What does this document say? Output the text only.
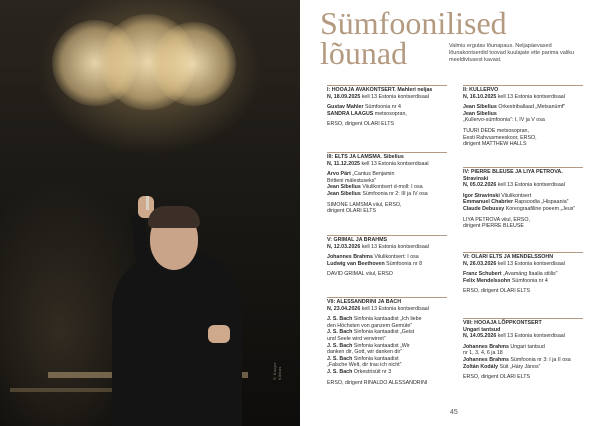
© Kaupo Kikkas
Sümfoonilised
lõunad	Valmiu ergutav lõunapaus. Neljapäevased lõunakontserdid toovad kuulajate ette parima valiku meeldivtusest kavast.

I: HOOAJA AVAKONTSERT. Mahleri neljas
N, 18.09.2025 kell 13 Estonia kontserdisaal
Gustav Mahler Sümfoonia nr 4
SANDRA LAAGUS metsosopran,
ERSO, dirigent OLARI ELTS
II: KULLERVO
N, 16.10.2025 kell 13 Estonia kontserdisaal
Jean Sibelius Orkestriballaad „Metsanümf”
Jean Sibelius
„Kullervo-sümfoonia”: I, IV ja V osa
TUURI DEDE metsosopran,
Eesti Rahvusmeeskoor, ERSO,
dirigent MATTHEW HALLS
III: ELTS JA LAMSMA. Sibelius
N, 11.12.2025 kell 13 Estonia kontserdisaal
Arvo Pärt „Cantus Benjamin
Britteni mälestuseks”
Jean Sibelius Viiulikontsert d-moll: I osa
Jean Sibelius Sümfoonia nr 2: III ja IV osa
SIMONE LAMSMA viiul, ERSO,
dirigent OLARI ELTS
IV: PIERRE BLEUSE JA LIYA PETROVA. Stravinski
N, 05.02.2026 kell 13 Estonia kontserdisaal
Igor Stravinski Viiulikontsert
Emmanuel Chabrier Rapsoodia „Hispaania”
Claude Debussy Koreograafiline poeem „Jeux”
LIYA PETROVA viiul, ERSO,
dirigent PIERRE BLEUSE
V: GRIMAL JA BRAHMS
N, 12.03.2026 kell 13 Estonia kontserdisaal
Johannes Brahms Viiulikontsert: I osa
Ludwig van Beethoven Sümfoonia nr 8
DAVID GRIMAL viiul, ERSO
VI: OLARI ELTS JA MENDELSSOHN
N, 26.03.2026 kell 13 Estonia kontserdisaal
Franz Schubert „Avamäng Itaalia stiilis”
Felix Mendelssohn Sümfoonia nr 4
ERSO, dirigent OLARI ELTS
VII: ALESSANDRINI JA BACH
N, 23.04.2026 kell 13 Estonia kontserdisaal
J. S. Bach Sinfonia kantaadist „Ich liebe
den Höchsten von ganzem Gemüte”
J. S. Bach Sinfonia kantaadist „Geist
und Seele wird verwirret”
J. S. Bach Sinfonia kantaadist „Wir
danken dir, Gott, wir danken dir”
J. S. Bach Sinfonia kantaadist
„Falsche Welt, dir trau ich nicht”
J. S. Bach Orkestrisüit nr 3
ERSO, dirigent RINALDO ALESSANDRINI
VIII: HOOAJA LÕPPKONTSERT
Ungari tantsud
N, 14.05.2026 kell 13 Estonia kontserdisaal
Johannes Brahms Ungari tantsud
nr 1, 3, 4, 6 ja 18
Johannes Brahms Sümfoonia nr 3: I ja II osa
Zoltán Kodály Süit „Háry János”
ERSO, dirigent OLARI ELTS
45
